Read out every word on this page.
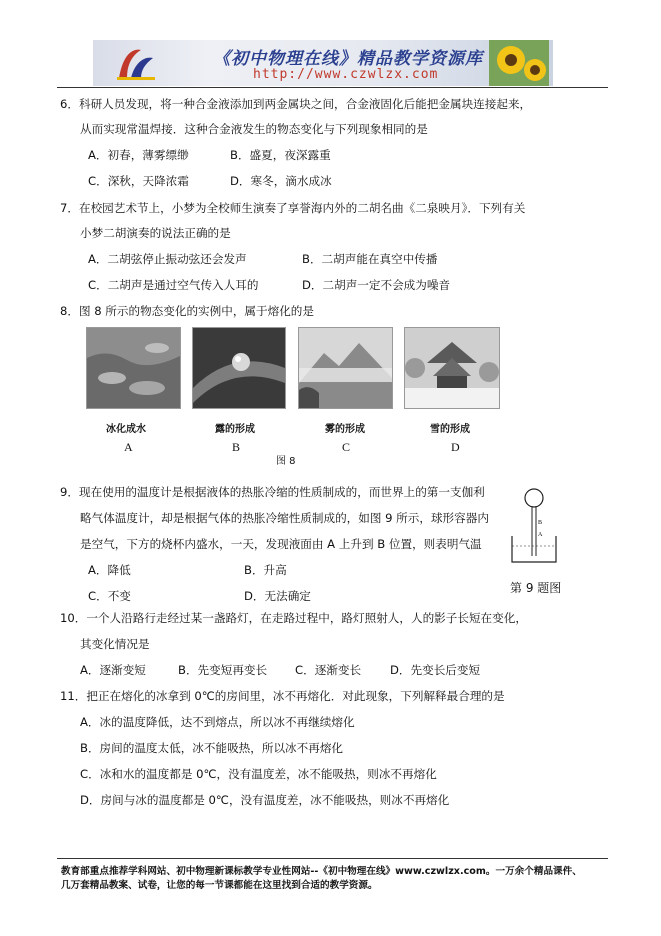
《初中物理在线》精品教学资源库
http://www.czwlzx.com
6．科研人员发现，将一种合金液添加到两金属块之间，合金液固化后能把金属块连接起来，
从而实现常温焊接．这种合金液发生的物态变化与下列现象相同的是
A．初春，薄雾缥缈	B．盛夏，夜深露重
C．深秋，天降浓霜	D．寒冬，滴水成冰
7．在校园艺术节上，小梦为全校师生演奏了享誉海内外的二胡名曲《二泉映月》．下列有关
小梦二胡演奏的说法正确的是
A．二胡弦停止振动弦还会发声	B．二胡声能在真空中传播
C．二胡声是通过空气传入人耳的	D．二胡声一定不会成为噪音
8．图 8 所示的物态变化的实例中，属于熔化的是
冰化成水	露的形成	雾的形成	雪的形成
A	B	C	D
图 8
9．现在使用的温度计是根据液体的热胀冷缩的性质制成的，而世界上的第一支伽利
略气体温度计，却是根据气体的热胀冷缩性质制成的，如图 9 所示，球形容器内
是空气，下方的烧杯内盛水，一天，发现液面由 A 上升到 B 位置，则表明气温
A．降低	B．升高
C．不变	D．无法确定
B
A
第 9 题图
10．一个人沿路行走经过某一盏路灯，在走路过程中，路灯照射人，人的影子长短在变化，
其变化情况是
A．逐渐变短	B．先变短再变长 C．逐渐变长 D．先变长后变短
11．把正在熔化的冰拿到 0℃的房间里，冰不再熔化．对此现象，下列解释最合理的是
A．冰的温度降低，达不到熔点，所以冰不再继续熔化
B．房间的温度太低，冰不能吸热，所以冰不再熔化
C．冰和水的温度都是 0℃，没有温度差，冰不能吸热，则冰不再熔化
D．房间与冰的温度都是 0℃，没有温度差，冰不能吸热，则冰不再熔化
教育部重点推荐学科网站、初中物理新课标教学专业性网站--《初中物理在线》www.czwlzx.com。一万余个精品课件、
几万套精品教案、试卷，让您的每一节课都能在这里找到合适的教学资源。
